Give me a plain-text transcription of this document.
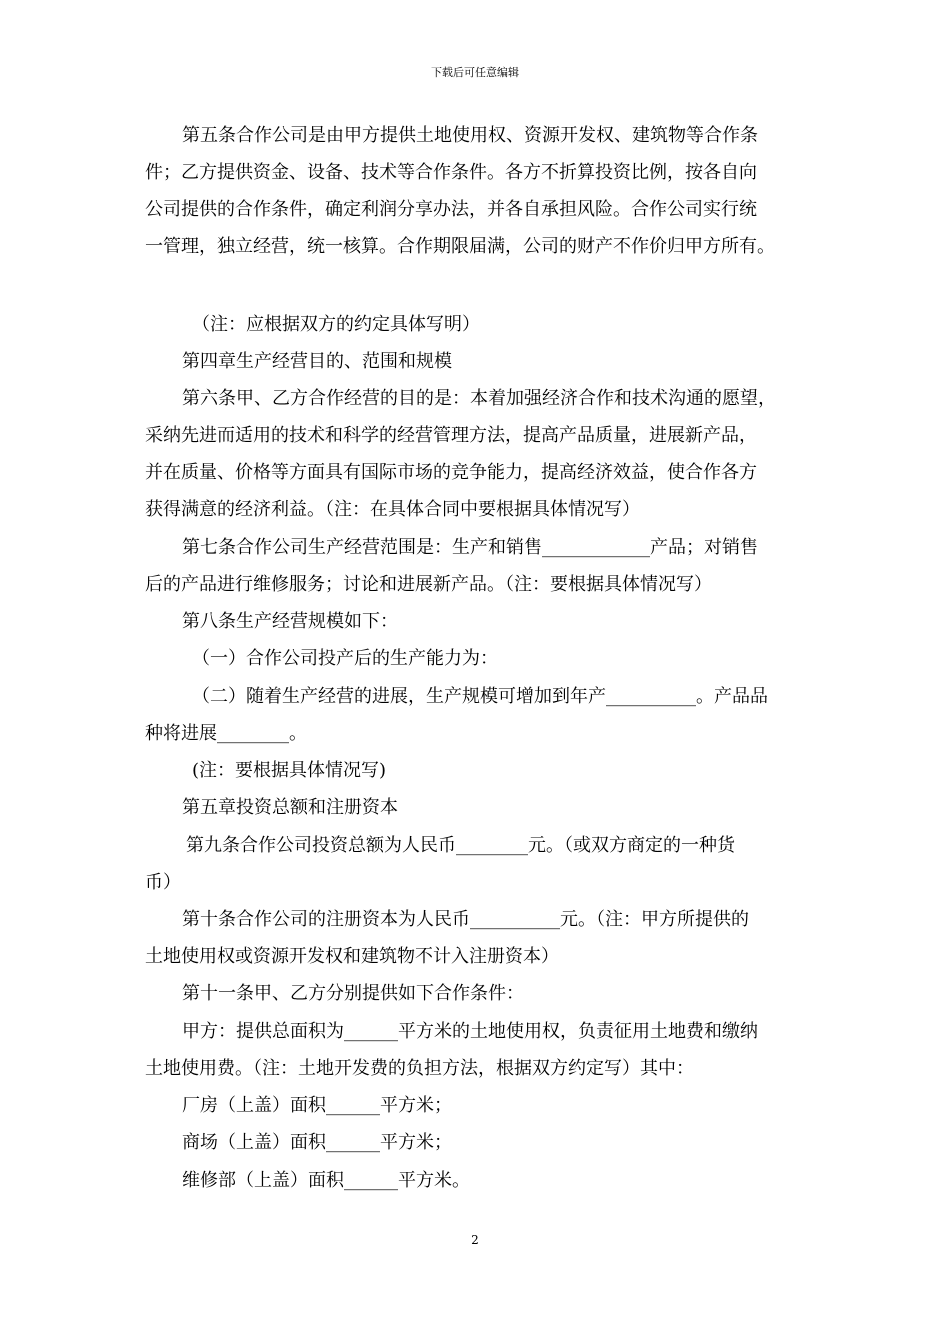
下载后可任意编辑

第五条合作公司是由甲方提供土地使用权、资源开发权、建筑物等合作条

件；乙方提供资金、设备、技术等合作条件。各方不折算投资比例，按各自向

公司提供的合作条件，确定利润分享办法，并各自承担风险。合作公司实行统

一管理，独立经营，统一核算。合作期限届满，公司的财产不作价归甲方所有。

（注：应根据双方的约定具体写明）

第四章生产经营目的、范围和规模

第六条甲、乙方合作经营的目的是：本着加强经济合作和技术沟通的愿望，

采纳先进而适用的技术和科学的经营管理方法，提高产品质量，进展新产品，

并在质量、价格等方面具有国际市场的竞争能力，提高经济效益，使合作各方

获得满意的经济利益。（注：在具体合同中要根据具体情况写）

第七条合作公司生产经营范围是：生产和销售____________产品；对销售

后的产品进行维修服务；讨论和进展新产品。（注：要根据具体情况写）

第八条生产经营规模如下：

（一）合作公司投产后的生产能力为：

（二）随着生产经营的进展，生产规模可增加到年产__________。产品品

种将进展________。

(注：要根据具体情况写)

第五章投资总额和注册资本

第九条合作公司投资总额为人民币________元。（或双方商定的一种货

币）

第十条合作公司的注册资本为人民币__________元。（注：甲方所提供的

土地使用权或资源开发权和建筑物不计入注册资本）

第十一条甲、乙方分别提供如下合作条件：

甲方：提供总面积为______平方米的土地使用权，负责征用土地费和缴纳

土地使用费。（注：土地开发费的负担方法，根据双方约定写）其中：

厂房（上盖）面积______平方米；

商场（上盖）面积______平方米；

维修部（上盖）面积______平方米。

2
